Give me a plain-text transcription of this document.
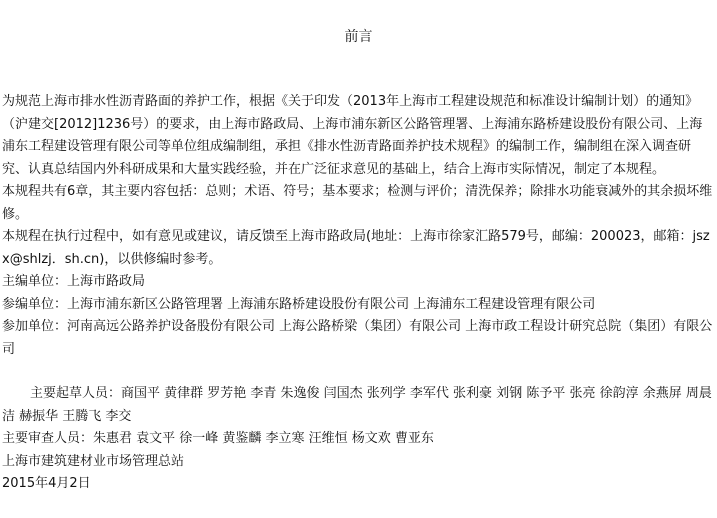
前言

为规范上海市排水性沥青路面的养护工作，根据《关于印发（2013年上海市工程建设规范和标准设计编制计划）的通知》（沪建交[2012]1236号）的要求，由上海市路政局、上海市浦东新区公路管理署、上海浦东路桥建设股份有限公司、上海浦东工程建设管理有限公司等单位组成编制组，承担《排水性沥青路面养护技术规程》的编制工作，编制组在深入调查研究、认真总结国内外科研成果和大量实践经验，并在广泛征求意见的基础上，结合上海市实际情况，制定了本规程。

本规程共有6章，其主要内容包括：总则；术语、符号；基本要求；检测与评价；清洗保养；除排水功能衰减外的其余损坏维修。

本规程在执行过程中，如有意见或建议，请反馈至上海市路政局(地址：上海市徐家汇路579号，邮编：200023，邮箱：jszx@shlzj．sh.cn)，以供修编时参考。

主编单位：上海市路政局

参编单位：上海市浦东新区公路管理署 上海浦东路桥建设股份有限公司 上海浦东工程建设管理有限公司

参加单位：河南高远公路养护设备股份有限公司 上海公路桥梁（集团）有限公司 上海市政工程设计研究总院（集团）有限公司

主要起草人员：商国平 黄律群 罗芳艳 李青 朱逸俊 闫国杰 张列学 李军代 张利豪 刘钢 陈予平 张亮 徐韵淳 余燕屏 周晨洁 赫振华 王腾飞 李交

主要审查人员：朱惠君 袁文平 徐一峰 黄鉴麟 李立寒 汪维恒 杨文欢 曹亚东

上海市建筑建材业市场管理总站

2015年4月2日
